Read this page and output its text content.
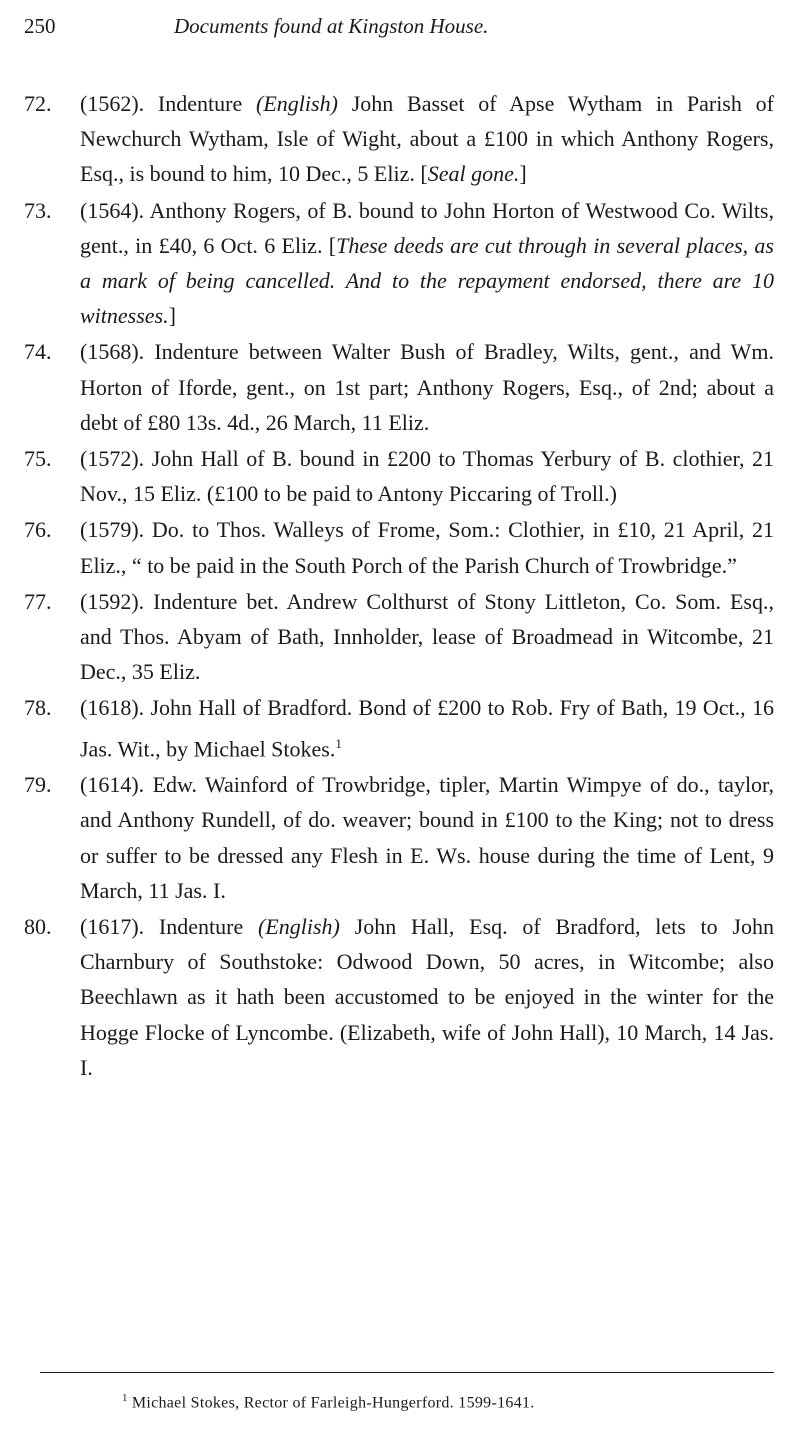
250	Documents found at Kingston House.
72.	(1562). Indenture (English) John Basset of Apse Wytham in Parish of Newchurch Wytham, Isle of Wight, about a £100 in which Anthony Rogers, Esq., is bound to him, 10 Dec., 5 Eliz. [Seal gone.]
73.	(1564). Anthony Rogers, of B. bound to John Horton of Westwood Co. Wilts, gent., in £40, 6 Oct. 6 Eliz. [These deeds are cut through in several places, as a mark of being cancelled. And to the repayment endorsed, there are 10 witnesses.]
74.	(1568). Indenture between Walter Bush of Bradley, Wilts, gent., and Wm. Horton of Iforde, gent., on 1st part; Anthony Rogers, Esq., of 2nd; about a debt of £80 13s. 4d., 26 March, 11 Eliz.
75.	(1572). John Hall of B. bound in £200 to Thomas Yerbury of B. clothier, 21 Nov., 15 Eliz. (£100 to be paid to Antony Piccaring of Troll.)
76.	(1579). Do. to Thos. Walleys of Frome, Som.: Clothier, in £10, 21 April, 21 Eliz., “ to be paid in the South Porch of the Parish Church of Trowbridge.”
77.	(1592). Indenture bet. Andrew Colthurst of Stony Littleton, Co. Som. Esq., and Thos. Abyam of Bath, Innholder, lease of Broadmead in Witcombe, 21 Dec., 35 Eliz.
78.	(1618). John Hall of Bradford. Bond of £200 to Rob. Fry of Bath, 19 Oct., 16 Jas. Wit., by Michael Stokes.$^1$
79.	(1614). Edw. Wainford of Trowbridge, tipler, Martin Wimpye of do., taylor, and Anthony Rundell, of do. weaver; bound in £100 to the King; not to dress or suffer to be dressed any Flesh in E. Ws. house during the time of Lent, 9 March, 11 Jas. I.
80.	(1617). Indenture (English) John Hall, Esq. of Bradford, lets to John Charnbury of Southstoke: Odwood Down, 50 acres, in Witcombe; also Beechlawn as it hath been accustomed to be enjoyed in the winter for the Hogge Flocke of Lyncombe. (Elizabeth, wife of John Hall), 10 March, 14 Jas. I.
$^1$ Michael Stokes, Rector of Farleigh-Hungerford. 1599-1641.
